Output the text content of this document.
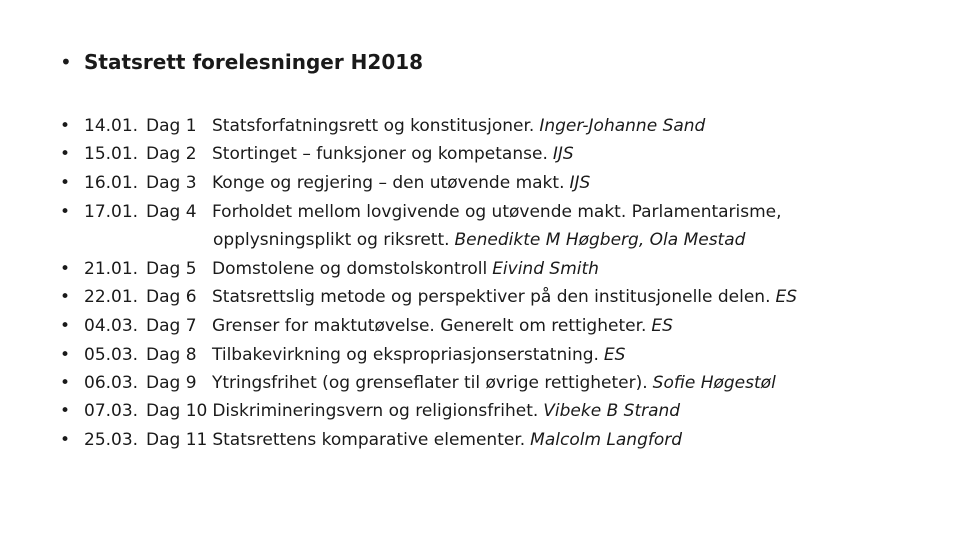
• Statsrett forelesninger H2018
• 14.01. Dag 1 Statsforfatningsrett og konstitusjoner. Inger-Johanne Sand
• 15.01. Dag 2 Stortinget – funksjoner og kompetanse. IJS
• 16.01. Dag 3 Konge og regjering – den utøvende makt. IJS
• 17.01. Dag 4 Forholdet mellom lovgivende og utøvende makt. Parlamentarisme,
opplysningsplikt og riksrett. Benedikte M Høgberg, Ola Mestad
• 21.01. Dag 5 Domstolene og domstolskontroll Eivind Smith
• 22.01. Dag 6 Statsrettslig metode og perspektiver på den institusjonelle delen. ES
• 04.03. Dag 7 Grenser for maktutøvelse. Generelt om rettigheter. ES
• 05.03. Dag 8 Tilbakevirkning og ekspropriasjonserstatning. ES
• 06.03. Dag 9 Ytringsfrihet (og grenseflater til øvrige rettigheter). Sofie Høgestøl
• 07.03. Dag 10 Diskrimineringsvern og religionsfrihet. Vibeke B Strand
• 25.03. Dag 11 Statsrettens komparative elementer. Malcolm Langford
